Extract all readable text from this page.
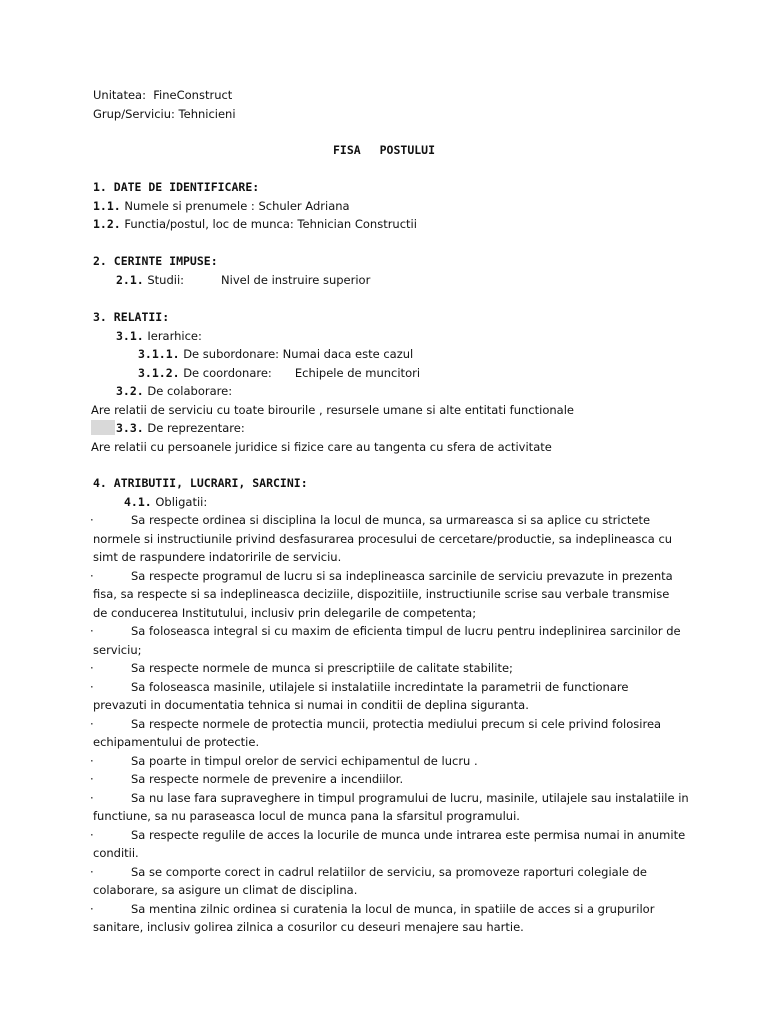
Unitatea: FineConstruct
Grup/Serviciu: Tehnicieni
FISA POSTULUI
1. DATE DE IDENTIFICARE:
1.1. Numele si prenumele : Schuler Adriana
1.2. Functia/postul, loc de munca: Tehnician Constructii
2. CERINTE IMPUSE:
2.1. Studii:	Nivel de instruire superior
3. RELATII:
3.1. Ierarhice:
3.1.1. De subordonare: Numai daca este cazul
3.1.2. De coordonare: Echipele de muncitori
3.2. De colaborare:
Are relatii de serviciu cu toate birourile , resursele umane si alte entitati functionale
3.3. De reprezentare:
Are relatii cu persoanele juridice si fizice care au tangenta cu sfera de activitate
4. ATRIBUTII, LUCRARI, SARCINI:
4.1. Obligatii:
·	Sa respecte ordinea si disciplina la locul de munca, sa urmareasca si sa aplice cu strictete
normele si instructiunile privind desfasurarea procesului de cercetare/productie, sa indeplineasca cu
simt de raspundere indatoririle de serviciu.
·	Sa respecte programul de lucru si sa indeplineasca sarcinile de serviciu prevazute in prezenta
fisa, sa respecte si sa indeplineasca deciziile, dispozitiile, instructiunile scrise sau verbale transmise
de conducerea Institutului, inclusiv prin delegarile de competenta;
·	Sa foloseasca integral si cu maxim de eficienta timpul de lucru pentru indeplinirea sarcinilor de
serviciu;
·	Sa respecte normele de munca si prescriptiile de calitate stabilite;
·	Sa foloseasca masinile, utilajele si instalatiile incredintate la parametrii de functionare
prevazuti in documentatia tehnica si numai in conditii de deplina siguranta.
·	Sa respecte normele de protectia muncii, protectia mediului precum si cele privind folosirea
echipamentului de protectie.
·	Sa poarte in timpul orelor de servici echipamentul de lucru .
·	Sa respecte normele de prevenire a incendiilor.
·	Sa nu lase fara supraveghere in timpul programului de lucru, masinile, utilajele sau instalatiile in
functiune, sa nu paraseasca locul de munca pana la sfarsitul programului.
·	Sa respecte regulile de acces la locurile de munca unde intrarea este permisa numai in anumite
conditii.
·	Sa se comporte corect in cadrul relatiilor de serviciu, sa promoveze raporturi colegiale de
colaborare, sa asigure un climat de disciplina.
·	Sa mentina zilnic ordinea si curatenia la locul de munca, in spatiile de acces si a grupurilor
sanitare, inclusiv golirea zilnica a cosurilor cu deseuri menajere sau hartie.
